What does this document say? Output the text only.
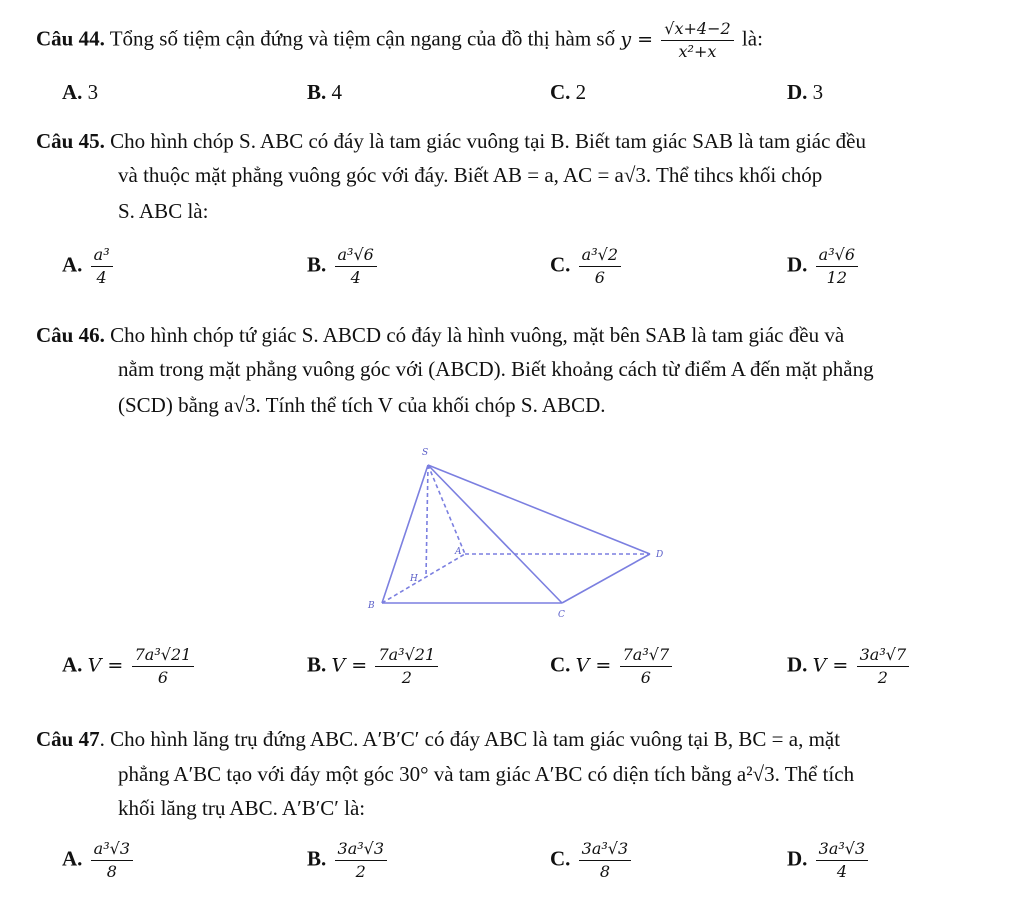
Câu 44. Tổng số tiệm cận đứng và tiệm cận ngang của đồ thị hàm số $y = \frac{√x+4-2}{\text{x²+x}}$ là:
A. 3	B. 4	C. 2	D. 3
Câu 45. Cho hình chóp S. ABC có đáy là tam giác vuông tại B. Biết tam giác SAB là tam giác đều
và thuộc mặt phẳng vuông góc với đáy. Biết AB = a, AC = a√3. Thể tihcs khối chóp
S. ABC là:
A. $\frac{\text{a³}}{4}$	B. $\frac{\text{a³√6}}{4}$	C. $\frac{\text{a³√2}}{6}$	D. $\frac{\text{a³√6}}{12}$
Câu 46. Cho hình chóp tứ giác S. ABCD có đáy là hình vuông, mặt bên SAB là tam giác đều và
nằm trong mặt phẳng vuông góc với (ABCD). Biết khoảng cách từ điểm A đến mặt phẳng
(SCD) bằng a√3. Tính thể tích V của khối chóp S. ABCD.
S
A	D
H
B
C
A. $V = \frac{\text{7a³√21}}{6}$	B. $V = \frac{\text{7a³√21}}{2}$	C. $V = \frac{\text{7a³√7}}{6}$	D. $V = \frac{\text{3a³√7}}{2}$
Câu 47. Cho hình lăng trụ đứng ABC. A′B′C′ có đáy ABC là tam giác vuông tại B, BC = a, mặt
phẳng A′BC tạo với đáy một góc 30° và tam giác A′BC có diện tích bằng a²√3. Thể tích
khối lăng trụ ABC. A′B′C′ là:
A. $\frac{\text{a³√3}}{8}$	B. $\frac{\text{3a³√3}}{2}$	C. $\frac{\text{3a³√3}}{8}$	D. $\frac{\text{3a³√3}}{4}$
